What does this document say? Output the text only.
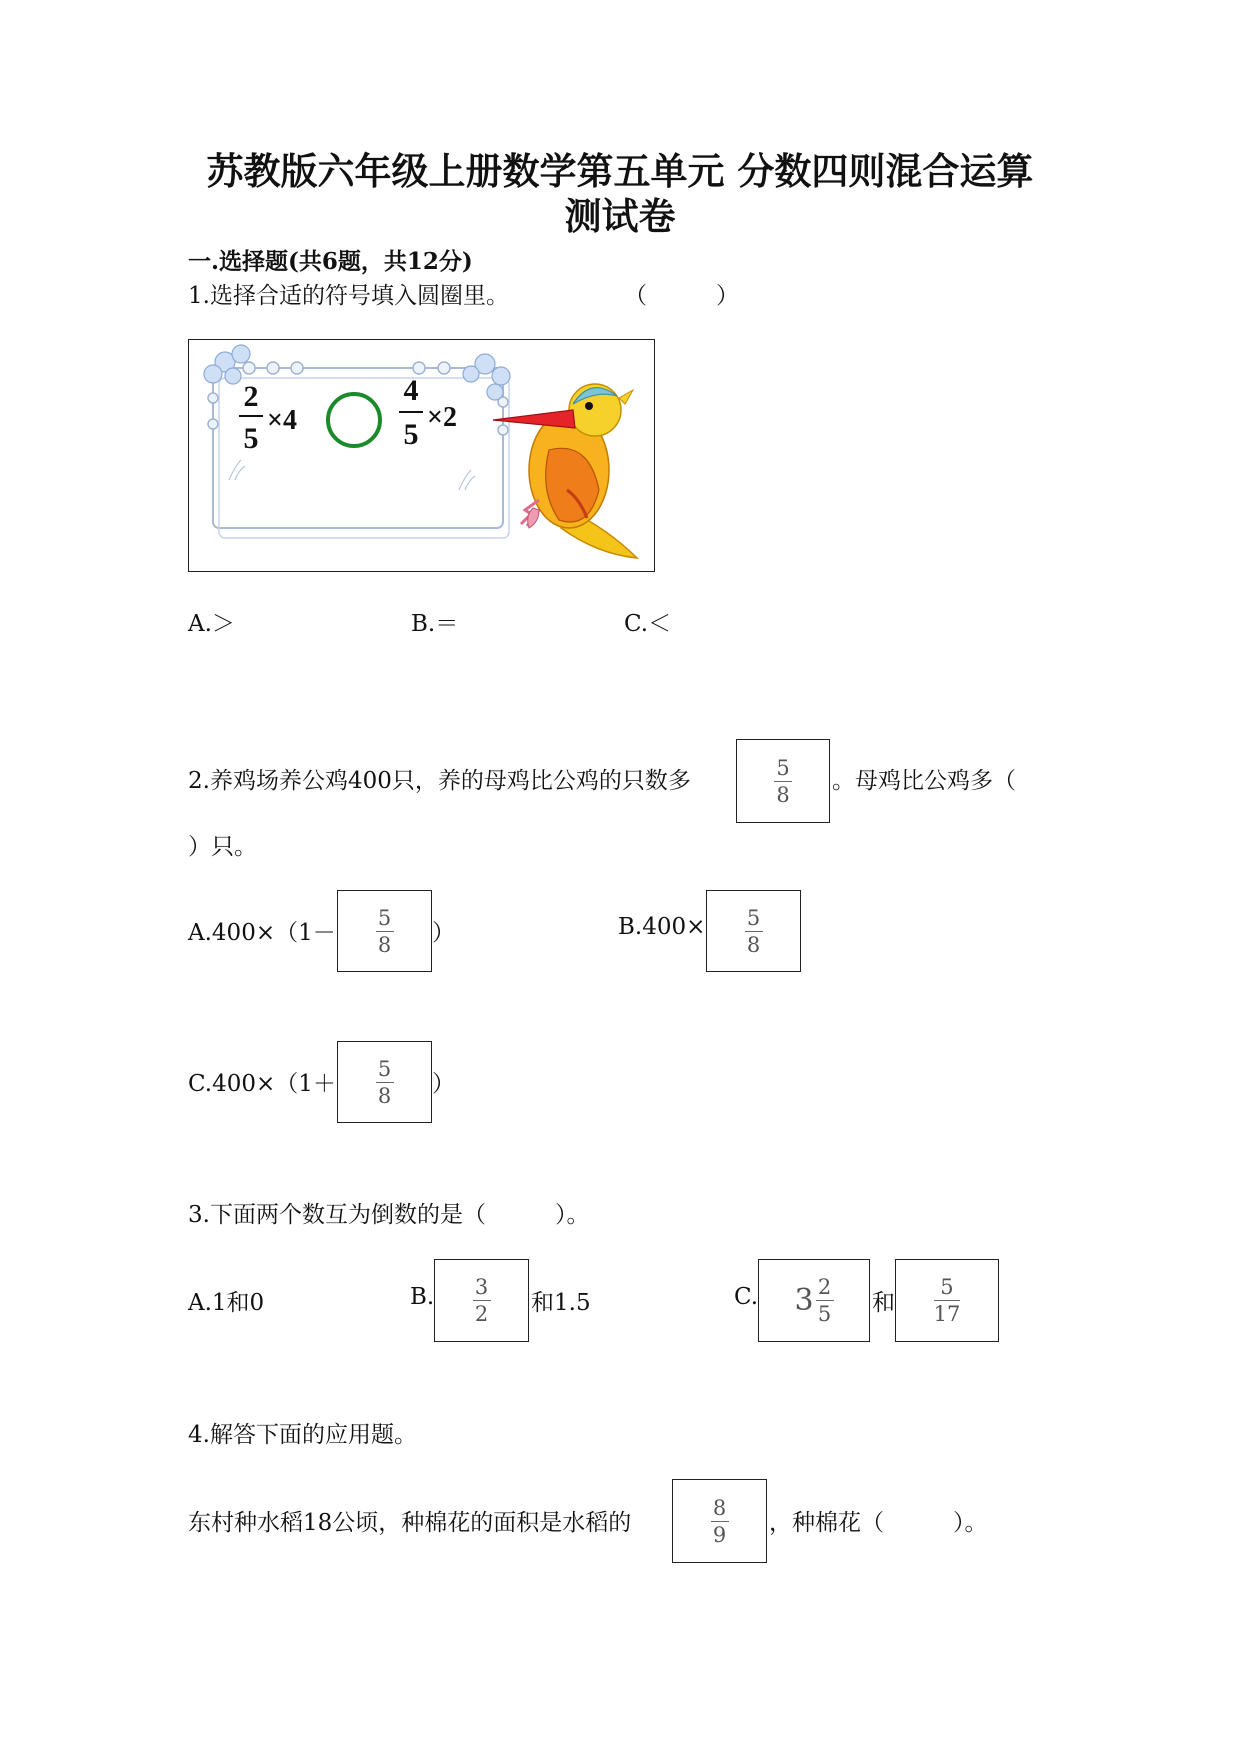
苏教版六年级上册数学第五单元 分数四则混合运算
测试卷
一.选择题(共6题，共12分)
1.选择合适的符号填入圆圈里。	（　　　）
2
5
×4
4
5
×2
A.＞	B.＝	C.＜
2.养鸡场养公鸡400只，养的母鸡比公鸡的只数多	$\frac{5}{8}$ 。母鸡比公鸡多（
）只。
$A.400\times(1- \frac{5}{8}$ ）	$B.400\times \frac{5}{8}$
$C.400\times(1+ \frac{5}{8}$ ）
3.下面两个数互为倒数的是（　　　）。
A.1和0	B. $\frac{3}{2}$ 和1.5	C. $3 \frac{2}{5}$ 和 $\frac{5}{17}$
4.解答下面的应用题。
东村种水稻18公顷，种棉花的面积是水稻的	$\frac{8}{9}$ ，种棉花（　　　）。
